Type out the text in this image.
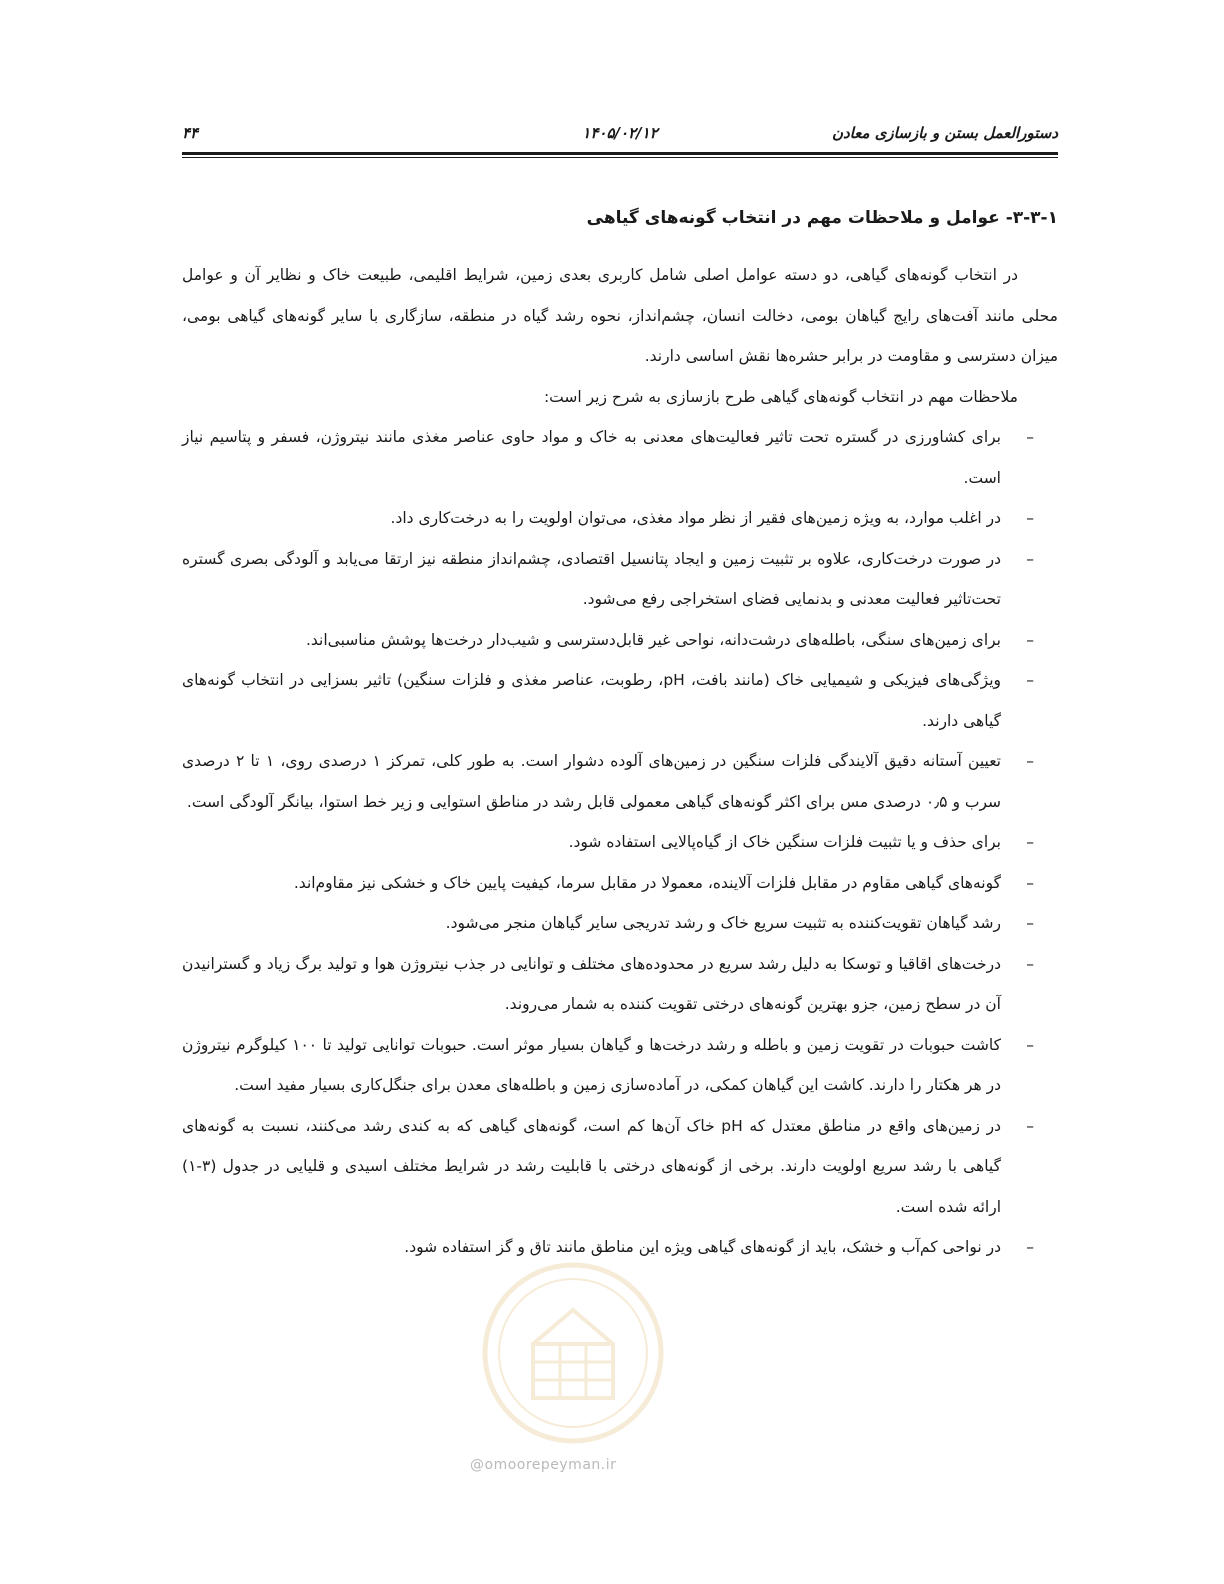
۴۴	۱۴۰۵/۰۲/۱۲	دستورالعمل بستن و بازسازی معادن
۳-۳-۱- عوامل و ملاحظات مهم در انتخاب گونه‌های گیاهی

در انتخاب گونه‌های گیاهی، دو دسته عوامل اصلی شامل کاربری بعدی زمین، شرایط اقلیمی، طبیعت خاک و نظایر آن و عوامل محلی مانند آفت‌های رایج گیاهان بومی، دخالت انسان، چشم‌انداز، نحوه رشد گیاه در منطقه، سازگاری با سایر گونه‌های گیاهی بومی، میزان دسترسی و مقاومت در برابر حشره‌ها نقش اساسی دارند.

ملاحظات مهم در انتخاب گونه‌های گیاهی طرح بازسازی به شرح زیر است:

–
برای کشاورزی در گستره تحت تاثیر فعالیت‌های معدنی به خاک و مواد حاوی عناصر مغذی مانند نیتروژن، فسفر و پتاسیم نیاز است.
–
در اغلب موارد، به ویژه زمین‌های فقیر از نظر مواد مغذی، می‌توان اولویت را به درخت‌کاری داد.
–
در صورت درخت‌کاری، علاوه بر تثبیت زمین و ایجاد پتانسیل اقتصادی، چشم‌انداز منطقه نیز ارتقا می‌یابد و آلودگی بصری گستره تحت‌تاثیر فعالیت معدنی و بدنمایی فضای استخراجی رفع می‌شود.
–
برای زمین‌های سنگی، باطله‌های درشت‌دانه، نواحی غیر قابل‌دسترسی و شیب‌دار درخت‌ها پوشش مناسبی‌اند.
–
ویژگی‌های فیزیکی و شیمیایی خاک (مانند بافت، pH، رطوبت، عناصر مغذی و فلزات سنگین) تاثیر بسزایی در انتخاب گونه‌های گیاهی دارند.
–
تعیین آستانه دقیق آلایندگی فلزات سنگین در زمین‌های آلوده دشوار است. به طور کلی، تمرکز ۱ درصدی روی، ۱ تا ۲ درصدی سرب و ۰٫۵ درصدی مس برای اکثر گونه‌های گیاهی معمولی قابل رشد در مناطق استوایی و زیر خط استوا، بیانگر آلودگی است.
–
برای حذف و یا تثبیت فلزات سنگین خاک از گیاه‌پالایی استفاده شود.
–
گونه‌های گیاهی مقاوم در مقابل فلزات آلاینده، معمولا در مقابل سرما، کیفیت پایین خاک و خشکی نیز مقاوم‌اند.
–
رشد گیاهان تقویت‌کننده به تثبیت سریع خاک و رشد تدریجی سایر گیاهان منجر می‌شود.
–
درخت‌های اقاقیا و توسکا به دلیل رشد سریع در محدوده‌های مختلف و توانایی در جذب نیتروژن هوا و تولید برگ زیاد و گسترانیدن آن در سطح زمین، جزو بهترین گونه‌های درختی تقویت کننده به شمار می‌روند.
–
کاشت حبوبات در تقویت زمین و باطله و رشد درخت‌ها و گیاهان بسیار موثر است. حبوبات توانایی تولید تا ۱۰۰ کیلوگرم نیتروژن در هر هکتار را دارند. کاشت این گیاهان کمکی، در آماده‌سازی زمین و باطله‌های معدن برای جنگل‌کاری بسیار مفید است.
–
در زمین‌های واقع در مناطق معتدل که pH خاک آن‌ها کم است، گونه‌های گیاهی که به کندی رشد می‌کنند، نسبت به گونه‌های گیاهی با رشد سریع اولویت دارند. برخی از گونه‌های درختی با قابلیت رشد در شرایط مختلف اسیدی و قلیایی در جدول (۳-۱) ارائه شده است.
–
در نواحی کم‌آب و خشک، باید از گونه‌های گیاهی ویژه این مناطق مانند تاق و گز استفاده شود.
@omoorepeyman.ir
